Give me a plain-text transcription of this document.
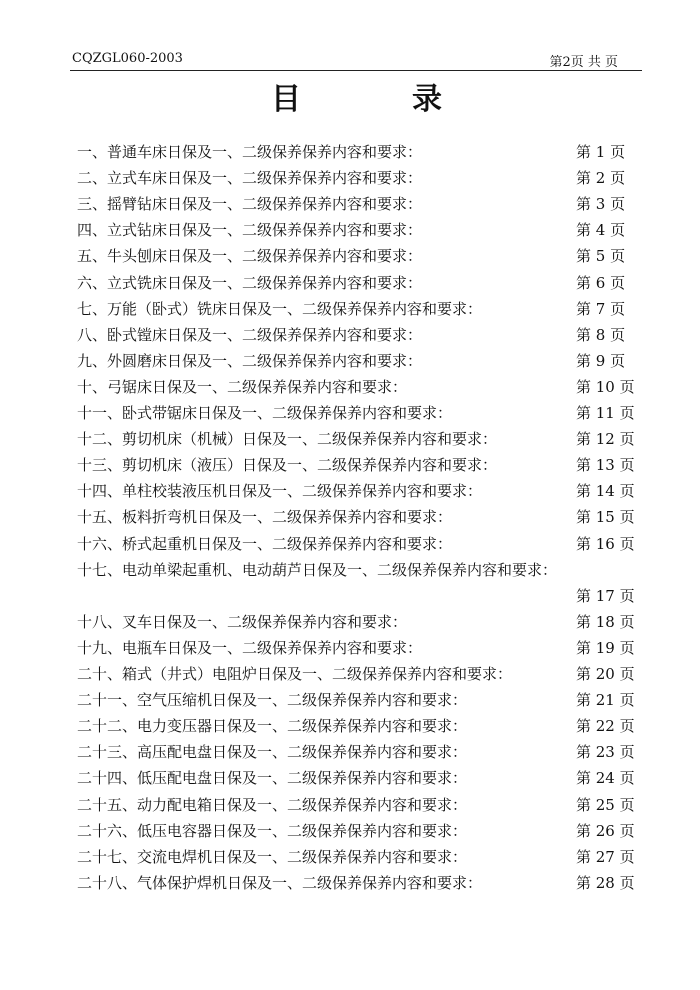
CQZGL060-2003	第2页 共 页
目	录
一、普通车床日保及一、二级保养保养内容和要求：	第 1 页
二、立式车床日保及一、二级保养保养内容和要求：	第 2 页
三、摇臂钻床日保及一、二级保养保养内容和要求：	第 3 页
四、立式钻床日保及一、二级保养保养内容和要求：	第 4 页
五、牛头刨床日保及一、二级保养保养内容和要求：	第 5 页
六、立式铣床日保及一、二级保养保养内容和要求：	第 6 页
七、万能（卧式）铣床日保及一、二级保养保养内容和要求：	第 7 页
八、卧式镗床日保及一、二级保养保养内容和要求：	第 8 页
九、外圆磨床日保及一、二级保养保养内容和要求：	第 9 页
十、弓锯床日保及一、二级保养保养内容和要求：	第 10 页
十一、卧式带锯床日保及一、二级保养保养内容和要求：	第 11 页
十二、剪切机床（机械）日保及一、二级保养保养内容和要求：	第 12 页
十三、剪切机床（液压）日保及一、二级保养保养内容和要求：	第 13 页
十四、单柱校装液压机日保及一、二级保养保养内容和要求：	第 14 页
十五、板料折弯机日保及一、二级保养保养内容和要求：	第 15 页
十六、桥式起重机日保及一、二级保养保养内容和要求：	第 16 页
十七、电动单梁起重机、电动葫芦日保及一、二级保养保养内容和要求：
第 17 页
十八、叉车日保及一、二级保养保养内容和要求：	第 18 页
十九、电瓶车日保及一、二级保养保养内容和要求：	第 19 页
二十、箱式（井式）电阻炉日保及一、二级保养保养内容和要求：	第 20 页
二十一、空气压缩机日保及一、二级保养保养内容和要求：	第 21 页
二十二、电力变压器日保及一、二级保养保养内容和要求：	第 22 页
二十三、高压配电盘日保及一、二级保养保养内容和要求：	第 23 页
二十四、低压配电盘日保及一、二级保养保养内容和要求：	第 24 页
二十五、动力配电箱日保及一、二级保养保养内容和要求：	第 25 页
二十六、低压电容器日保及一、二级保养保养内容和要求：	第 26 页
二十七、交流电焊机日保及一、二级保养保养内容和要求：	第 27 页
二十八、气体保护焊机日保及一、二级保养保养内容和要求：	第 28 页
